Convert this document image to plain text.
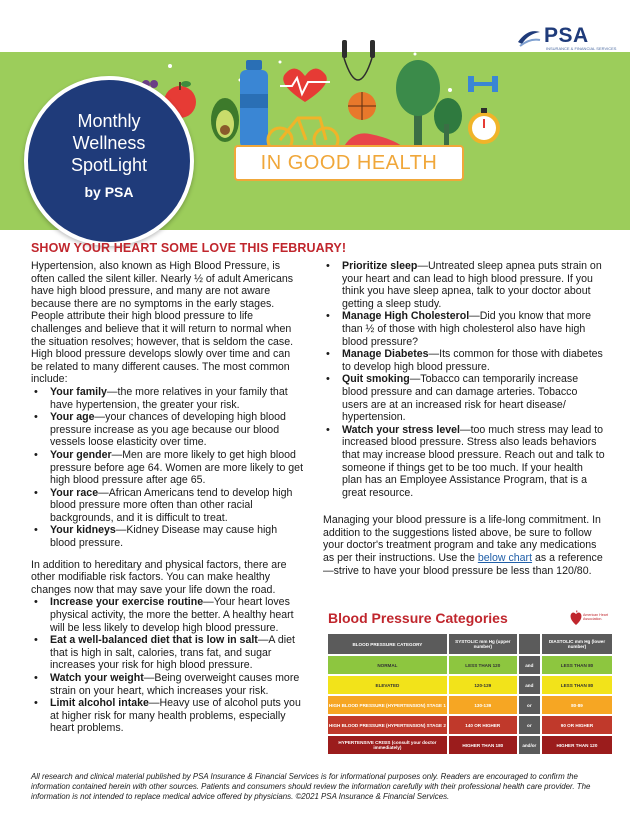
IN GOOD HEALTH
PSA
INSURANCE & FINANCIAL SERVICES
Monthly
Wellness
SpotLight
by PSA
SHOW YOUR HEART SOME LOVE THIS FEBRUARY!

Hypertension, also known as High Blood Pressure, is often called the silent killer. Nearly ½ of adult Americans have high blood pressure, and many are not aware because there are no symptoms in the early stages. People attribute their high blood pressure to life challenges and believe that it will return to normal when the situation resolves; however, that is seldom the case. High blood pressure develops slowly over time and can be related to many different causes. The most common include:

• Your family—the more relatives in your family that have hypertension, the greater your risk.
• Your age—your chances of developing high blood pressure increase as you age because our blood vessels loose elasticity over time.
• Your gender—Men are more likely to get high blood pressure before age 64. Women are more likely to get high blood pressure after age 65.
• Your race—African Americans tend to develop high blood pressure more often than other racial backgrounds, and it is difficult to treat.
• Your kidneys—Kidney Disease may cause high blood pressure.

In addition to hereditary and physical factors, there are other modifiable risk factors. You can make healthy changes now that may save your life down the road.

• Increase your exercise routine—Your heart loves physical activity, the more the better. A healthy heart will be less likely to develop high blood pressure.
• Eat a well-balanced diet that is low in salt—A diet that is high in salt, calories, trans fat, and sugar increases your risk for high blood pressure.
• Watch your weight—Being overweight causes more strain on your heart, which increases your risk.
• Limit alcohol intake—Heavy use of alcohol puts you at higher risk for many health problems, especially heart problems.
• Prioritize sleep—Untreated sleep apnea puts strain on your heart and can lead to high blood pressure. If you think you have sleep apnea, talk to your doctor about getting a sleep study.
• Manage High Cholesterol—Did you know that more than ½ of those with high cholesterol also have high blood pressure?
• Manage Diabetes—Its common for those with diabetes to develop high blood pressure.
• Quit smoking—Tobacco can temporarily increase blood pressure and can damage arteries. Tobacco users are at an increased risk for heart disease/ hypertension.
• Watch your stress level—too much stress may lead to increased blood pressure. Stress also leads behaviors that may increase blood pressure. Reach out and talk to someone if things get to be too much. If your health plan has an Employee Assistance Program, that is a great resource.

Managing your blood pressure is a life-long commitment. In addition to the suggestions listed above, be sure to follow your doctor's treatment program and take any medications as per their instructions. Use the below chart as a reference—strive to have your blood pressure be less than 120/80.

Blood Pressure Categories	American Heart Association.
BLOOD PRESSURE CATEGORY	SYSTOLIC mm Hg (upper number)		DIASTOLIC mm Hg (lower number)
NORMAL	LESS THAN 120	and	LESS THAN 80
ELEVATED	120-129	and	LESS THAN 80
HIGH BLOOD PRESSURE (HYPERTENSION) STAGE 1	130-139	or	80-89
HIGH BLOOD PRESSURE (HYPERTENSION) STAGE 2	140 OR HIGHER	or	90 OR HIGHER
HYPERTENSIVE CRISIS (consult your doctor immediately)	HIGHER THAN 180	and/or	HIGHER THAN 120
All research and clinical material published by PSA Insurance & Financial Services is for informational purposes only. Readers are encouraged to confirm the information contained herein with other sources. Patients and consumers should review the information carefully with their professional health care provider. The information is not intended to replace medical advice offered by physicians. ©2021 PSA Insurance & Financial Services.
